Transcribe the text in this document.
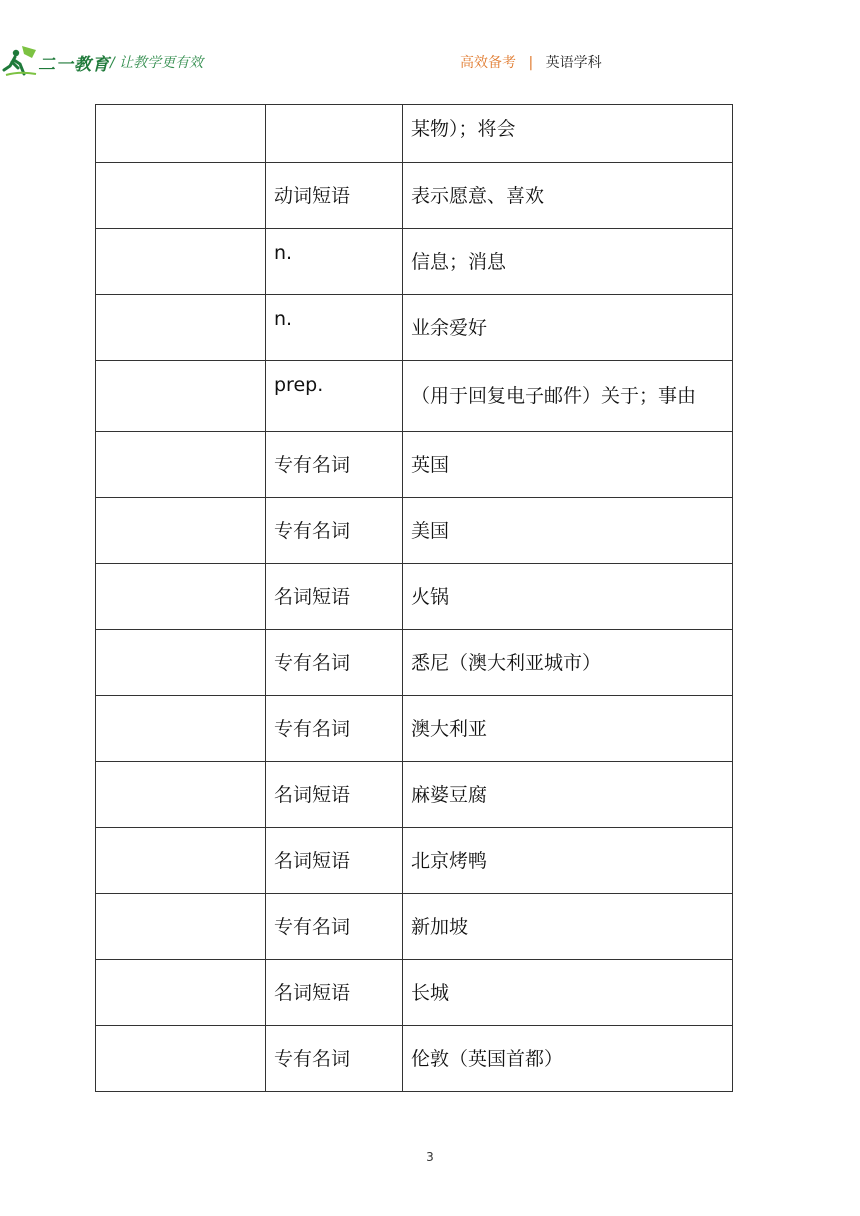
二一教育 / 让教学更有效	高效备考 | 英语学科
		某物）；将会
	动词短语	表示愿意、喜欢
	n.	信息；消息
	n.	业余爱好
	prep.	（用于回复电子邮件）关于；事由
	专有名词	英国
	专有名词	美国
	名词短语	火锅
	专有名词	悉尼（澳大利亚城市）
	专有名词	澳大利亚
	名词短语	麻婆豆腐
	名词短语	北京烤鸭
	专有名词	新加坡
	名词短语	长城
	专有名词	伦敦（英国首都）
3
